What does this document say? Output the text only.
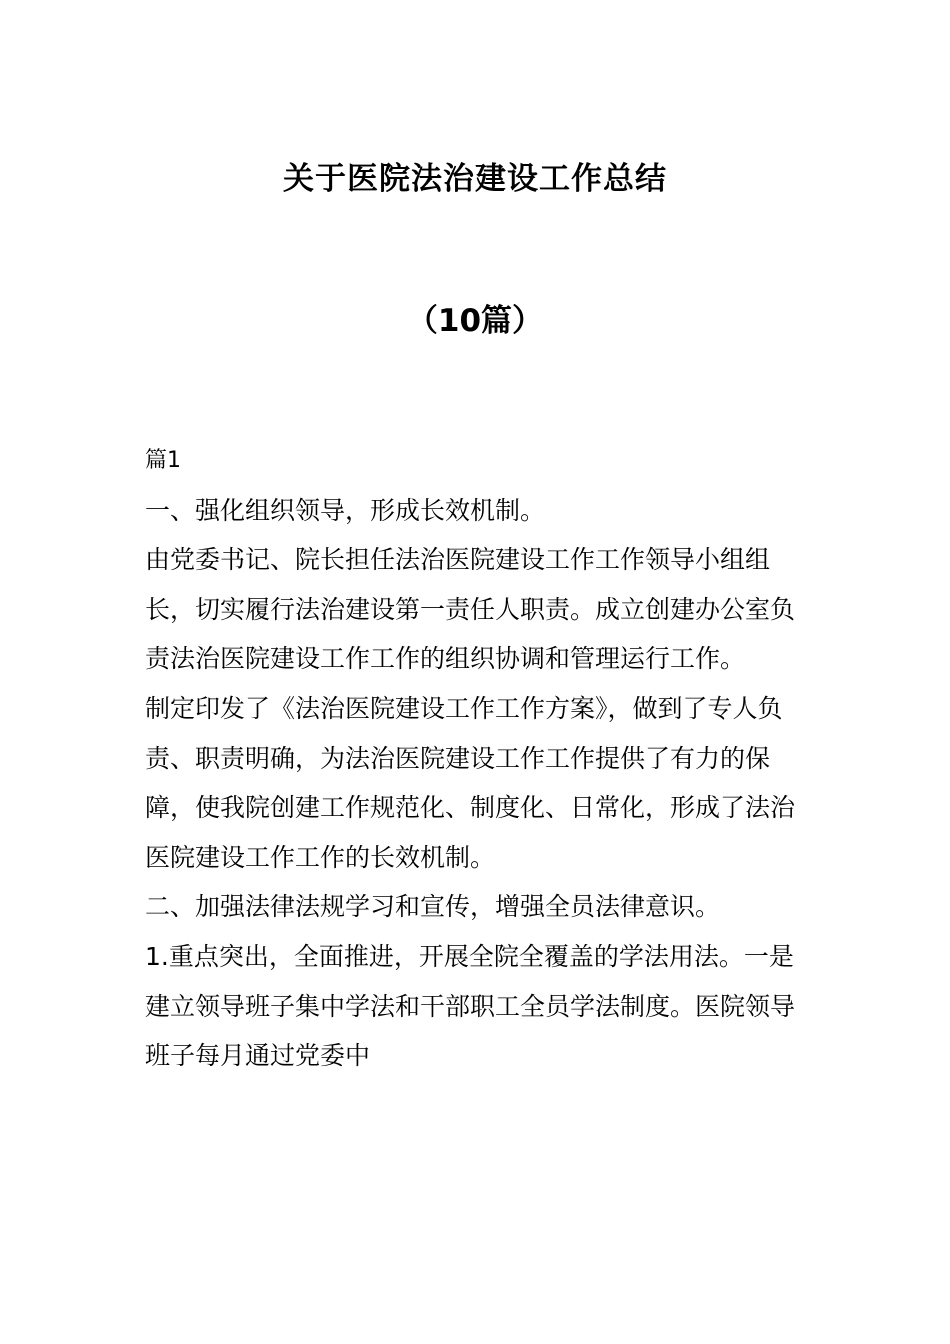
关于医院法治建设工作总结
（10篇）

篇1

一、强化组织领导，形成长效机制。

由党委书记、院长担任法治医院建设工作工作领导小组组长，切实履行法治建设第一责任人职责。成立创建办公室负责法治医院建设工作工作的组织协调和管理运行工作。

制定印发了《法治医院建设工作工作方案》，做到了专人负责、职责明确，为法治医院建设工作工作提供了有力的保障，使我院创建工作规范化、制度化、日常化，形成了法治医院建设工作工作的长效机制。

二、加强法律法规学习和宣传，增强全员法律意识。

1.重点突出，全面推进，开展全院全覆盖的学法用法。一是建立领导班子集中学法和干部职工全员学法制度。医院领导班子每月通过党委中
